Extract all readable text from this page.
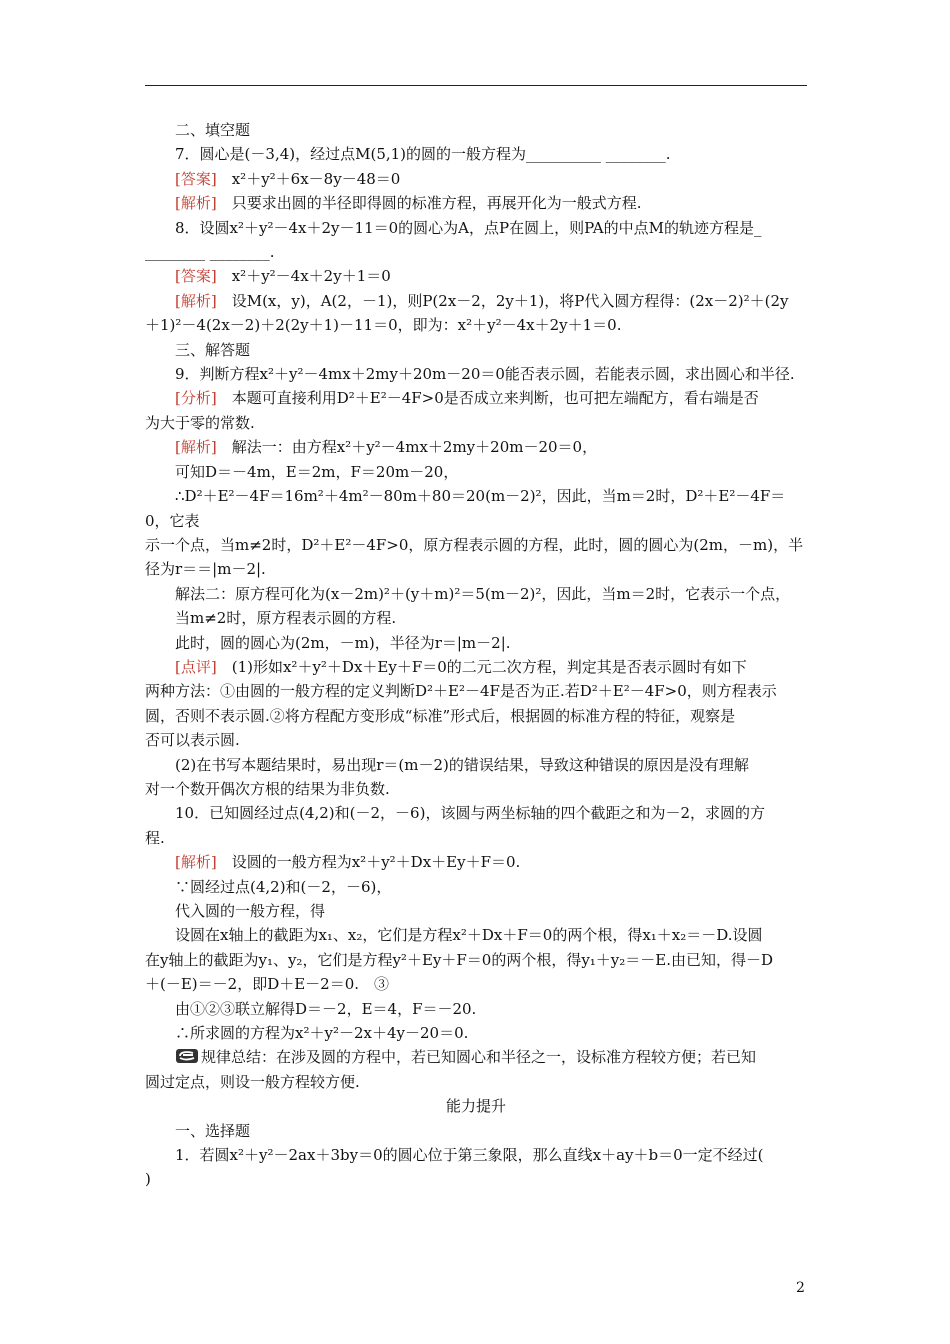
二、填空题

7．圆心是(－3,4)，经过点M(5,1)的圆的一般方程为__________ ________.

[答案]　x²＋y²＋6x－8y－48＝0

[解析]　只要求出圆的半径即得圆的标准方程，再展开化为一般式方程.

8．设圆x²＋y²－4x＋2y－11＝0的圆心为A，点P在圆上，则PA的中点M的轨迹方程是_

________ ________.

[答案]　x²＋y²－4x＋2y＋1＝0

[解析]　设M(x，y)，A(2，－1)，则P(2x－2，2y＋1)，将P代入圆方程得：(2x－2)²＋(2y

＋1)²－4(2x－2)＋2(2y＋1)－11＝0，即为：x²＋y²－4x＋2y＋1＝0.

三、解答题

9．判断方程x²＋y²－4mx＋2my＋20m－20＝0能否表示圆，若能表示圆，求出圆心和半径.

[分析]　本题可直接利用D²＋E²－4F>0是否成立来判断，也可把左端配方，看右端是否

为大于零的常数.

[解析]　解法一：由方程x²＋y²－4mx＋2my＋20m－20＝0，

可知D＝－4m，E＝2m，F＝20m－20，

∴D²＋E²－4F＝16m²＋4m²－80m＋80＝20(m－2)²，因此，当m＝2时，D²＋E²－4F＝0，它表

示一个点，当m≠2时，D²＋E²－4F>0，原方程表示圆的方程，此时，圆的圆心为(2m，－m)，半

径为r＝＝|m－2|.

解法二：原方程可化为(x－2m)²＋(y＋m)²＝5(m－2)²，因此，当m＝2时，它表示一个点，

当m≠2时，原方程表示圆的方程.

此时，圆的圆心为(2m，－m)，半径为r＝|m－2|.

[点评]　(1)形如x²＋y²＋Dx＋Ey＋F＝0的二元二次方程，判定其是否表示圆时有如下

两种方法：①由圆的一般方程的定义判断D²＋E²－4F是否为正.若D²＋E²－4F>0，则方程表示

圆，否则不表示圆.②将方程配方变形成“标准”形式后，根据圆的标准方程的特征，观察是

否可以表示圆.

(2)在书写本题结果时，易出现r＝(m－2)的错误结果，导致这种错误的原因是没有理解

对一个数开偶次方根的结果为非负数.

10．已知圆经过点(4,2)和(－2，－6)，该圆与两坐标轴的四个截距之和为－2，求圆的方

程.

[解析]　设圆的一般方程为x²＋y²＋Dx＋Ey＋F＝0.

∵圆经过点(4,2)和(－2，－6)，

代入圆的一般方程，得

设圆在x轴上的截距为x₁、x₂，它们是方程x²＋Dx＋F＝0的两个根，得x₁＋x₂＝－D.设圆

在y轴上的截距为y₁、y₂，它们是方程y²＋Ey＋F＝0的两个根，得y₁＋y₂＝－E.由已知，得－D

＋(－E)＝－2，即D＋E－2＝0.　③

由①②③联立解得D＝－2，E＝4，F＝－20.

∴所求圆的方程为x²＋y²－2x＋4y－20＝0.

规律总结：在涉及圆的方程中，若已知圆心和半径之一，设标准方程较方便；若已知

圆过定点，则设一般方程较方便.

能力提升

一、选择题

1．若圆x²＋y²－2ax＋3by＝0的圆心位于第三象限，那么直线x＋ay＋b＝0一定不经过(

)

2
